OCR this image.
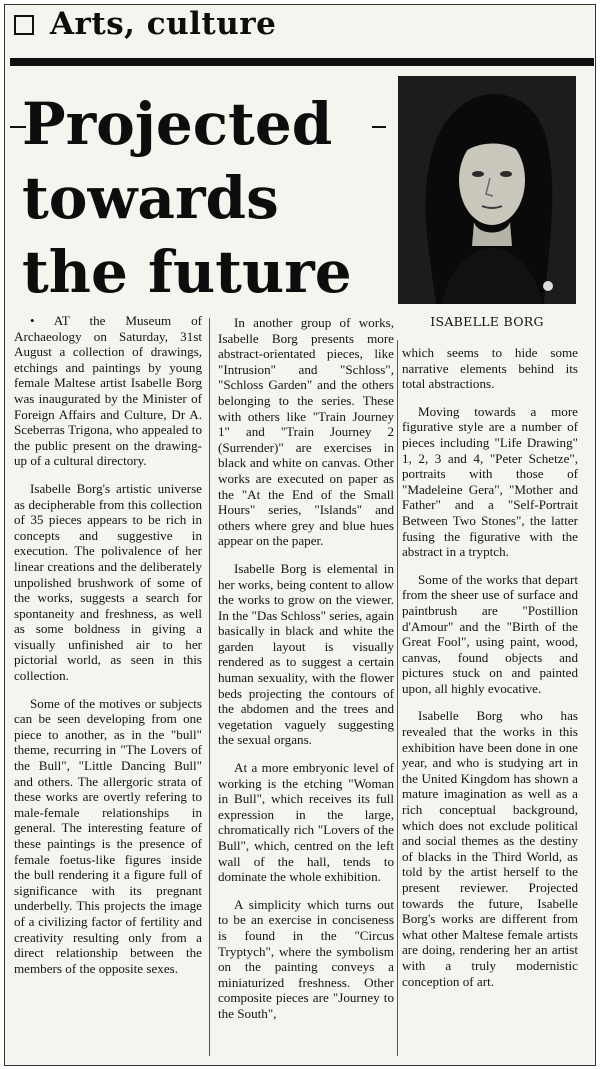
Arts, culture
Projected
towards
the future
ISABELLE BORG

• AT the Museum of Archaeology on Saturday, 31st August a collection of drawings, etchings and paintings by young female Maltese artist Isabelle Borg was inaugurated by the Minister of Foreign Affairs and Culture, Dr A. Sceberras Trigona, who appealed to the public present on the drawing-up of a cultural directory.

Isabelle Borg's artistic universe as decipherable from this collection of 35 pieces appears to be rich in concepts and suggestive in execution. The polivalence of her linear creations and the deliberately unpolished brushwork of some of the works, suggests a search for spontaneity and freshness, as well as some boldness in giving a visually unfinished air to her pictorial world, as seen in this collection.

Some of the motives or subjects can be seen developing from one piece to another, as in the "bull" theme, recurring in "The Lovers of the Bull", "Little Dancing Bull" and others. The allergoric strata of these works are overtly refering to male-female relationships in general. The interesting feature of these paintings is the presence of female foetus-like figures inside the bull rendering it a figure full of significance with its pregnant underbelly. This projects the image of a civilizing factor of fertility and creativity resulting only from a direct relationship between the members of the opposite sexes.

In another group of works, Isabelle Borg presents more abstract-orientated pieces, like "Intrusion" and "Schloss", "Schloss Garden" and the others belonging to the series. These with others like "Train Journey 1" and "Train Journey 2 (Surrender)" are exercises in black and white on canvas. Other works are executed on paper as the "At the End of the Small Hours" series, "Islands" and others where grey and blue hues appear on the paper.

Isabelle Borg is elemental in her works, being content to allow the works to grow on the viewer. In the "Das Schloss" series, again basically in black and white the garden layout is visually rendered as to suggest a certain human sexuality, with the flower beds projecting the contours of the abdomen and the trees and vegetation vaguely suggesting the sexual organs.

At a more embryonic level of working is the etching "Woman in Bull", which receives its full expression in the large, chromatically rich "Lovers of the Bull", which, centred on the left wall of the hall, tends to dominate the whole exhibition.

A simplicity which turns out to be an exercise in conciseness is found in the "Circus Tryptych", where the symbolism on the painting conveys a miniaturized freshness. Other composite pieces are "Journey to the South",

which seems to hide some narrative elements behind its total abstractions.

Moving towards a more figurative style are a number of pieces including "Life Drawing" 1, 2, 3 and 4, "Peter Schetze", portraits with those of "Madeleine Gera", "Mother and Father" and a "Self-Portrait Between Two Stones", the latter fusing the figurative with the abstract in a tryptch.

Some of the works that depart from the sheer use of surface and paintbrush are "Postillion d'Amour" and the "Birth of the Great Fool", using paint, wood, canvas, found objects and pictures stuck on and painted upon, all highly evocative.

Isabelle Borg who has revealed that the works in this exhibition have been done in one year, and who is studying art in the United Kingdom has shown a mature imagination as well as a rich conceptual background, which does not exclude political and social themes as the destiny of blacks in the Third World, as told by the artist herself to the present reviewer. Projected towards the future, Isabelle Borg's works are different from what other Maltese female artists are doing, rendering her an artist with a truly modernistic conception of art.
